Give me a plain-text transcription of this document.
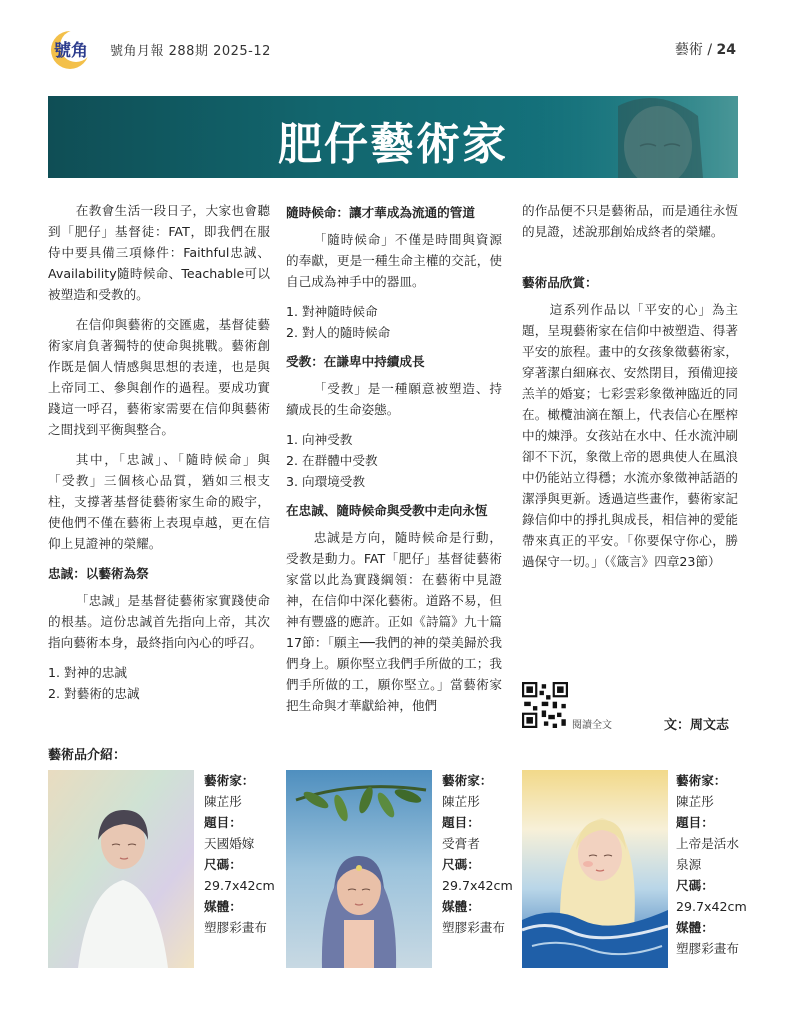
號角 號角月報 288期 2025-12	藝術 / 24
肥仔藝術家

在教會生活一段日子，大家也會聽到「肥仔」基督徒：FAT，即我們在服侍中要具備三項條件：Faithful忠誠、Availability隨時候命、Teachable可以被塑造和受教的。

在信仰與藝術的交匯處，基督徒藝術家肩負著獨特的使命與挑戰。藝術創作既是個人情感與思想的表達，也是與上帝同工、參與創作的過程。要成功實踐這一呼召，藝術家需要在信仰與藝術之間找到平衡與整合。

其中，「忠誠」、「隨時候命」與「受教」三個核心品質，猶如三根支柱，支撐著基督徒藝術家生命的殿宇，使他們不僅在藝術上表現卓越，更在信仰上見證神的榮耀。

忠誠：以藝術為祭

「忠誠」是基督徒藝術家實踐使命的根基。這份忠誠首先指向上帝，其次指向藝術本身，最終指向內心的呼召。

1. 對神的忠誠
2. 對藝術的忠誠
隨時候命：讓才華成為流通的管道

「隨時候命」不僅是時間與資源的奉獻，更是一種生命主權的交託，使自己成為神手中的器皿。

1. 對神隨時候命
2. 對人的隨時候命
受教：在謙卑中持續成長

「受教」是一種願意被塑造、持續成長的生命姿態。

1. 向神受教
2. 在群體中受教
3. 向環境受教
在忠誠、隨時候命與受教中走向永恆

忠誠是方向，隨時候命是行動，受教是動力。FAT「肥仔」基督徒藝術家當以此為實踐綱領：在藝術中見證神，在信仰中深化藝術。道路不易，但神有豐盛的應許。正如《詩篇》九十篇17節：「願主──我們的神的榮美歸於我們身上。願你堅立我們手所做的工；我們手所做的工，願你堅立。」當藝術家把生命與才華獻給神，他們

的作品便不只是藝術品，而是通往永恆的見證，述說那創始成終者的榮耀。

藝術品欣賞：

這系列作品以「平安的心」為主題，呈現藝術家在信仰中被塑造、得著平安的旅程。畫中的女孩象徵藝術家，穿著潔白細麻衣、安然閉目，預備迎接羔羊的婚宴；七彩雲彩象徵神臨近的同在。橄欖油滴在額上，代表信心在壓榨中的煉淨。女孩站在水中、任水流沖刷卻不下沉，象徵上帝的恩典使人在風浪中仍能站立得穩；水流亦象徵神話語的潔淨與更新。透過這些畫作，藝術家記錄信仰中的掙扎與成長，相信神的愛能帶來真正的平安。「你要保守你心，勝過保守一切。」（《箴言》四章23節）

閱讀全文	文：周文志
藝術品介紹：
藝術家：
陳芷彤
題目：
天國婚嫁
尺碼：
29.7x42cm
媒體：
塑膠彩畫布
藝術家：
陳芷彤
題目：
受膏者
尺碼：
29.7x42cm
媒體：
塑膠彩畫布
藝術家：
陳芷彤
題目：
上帝是活水泉源
尺碼：
29.7x42cm
媒體：
塑膠彩畫布
